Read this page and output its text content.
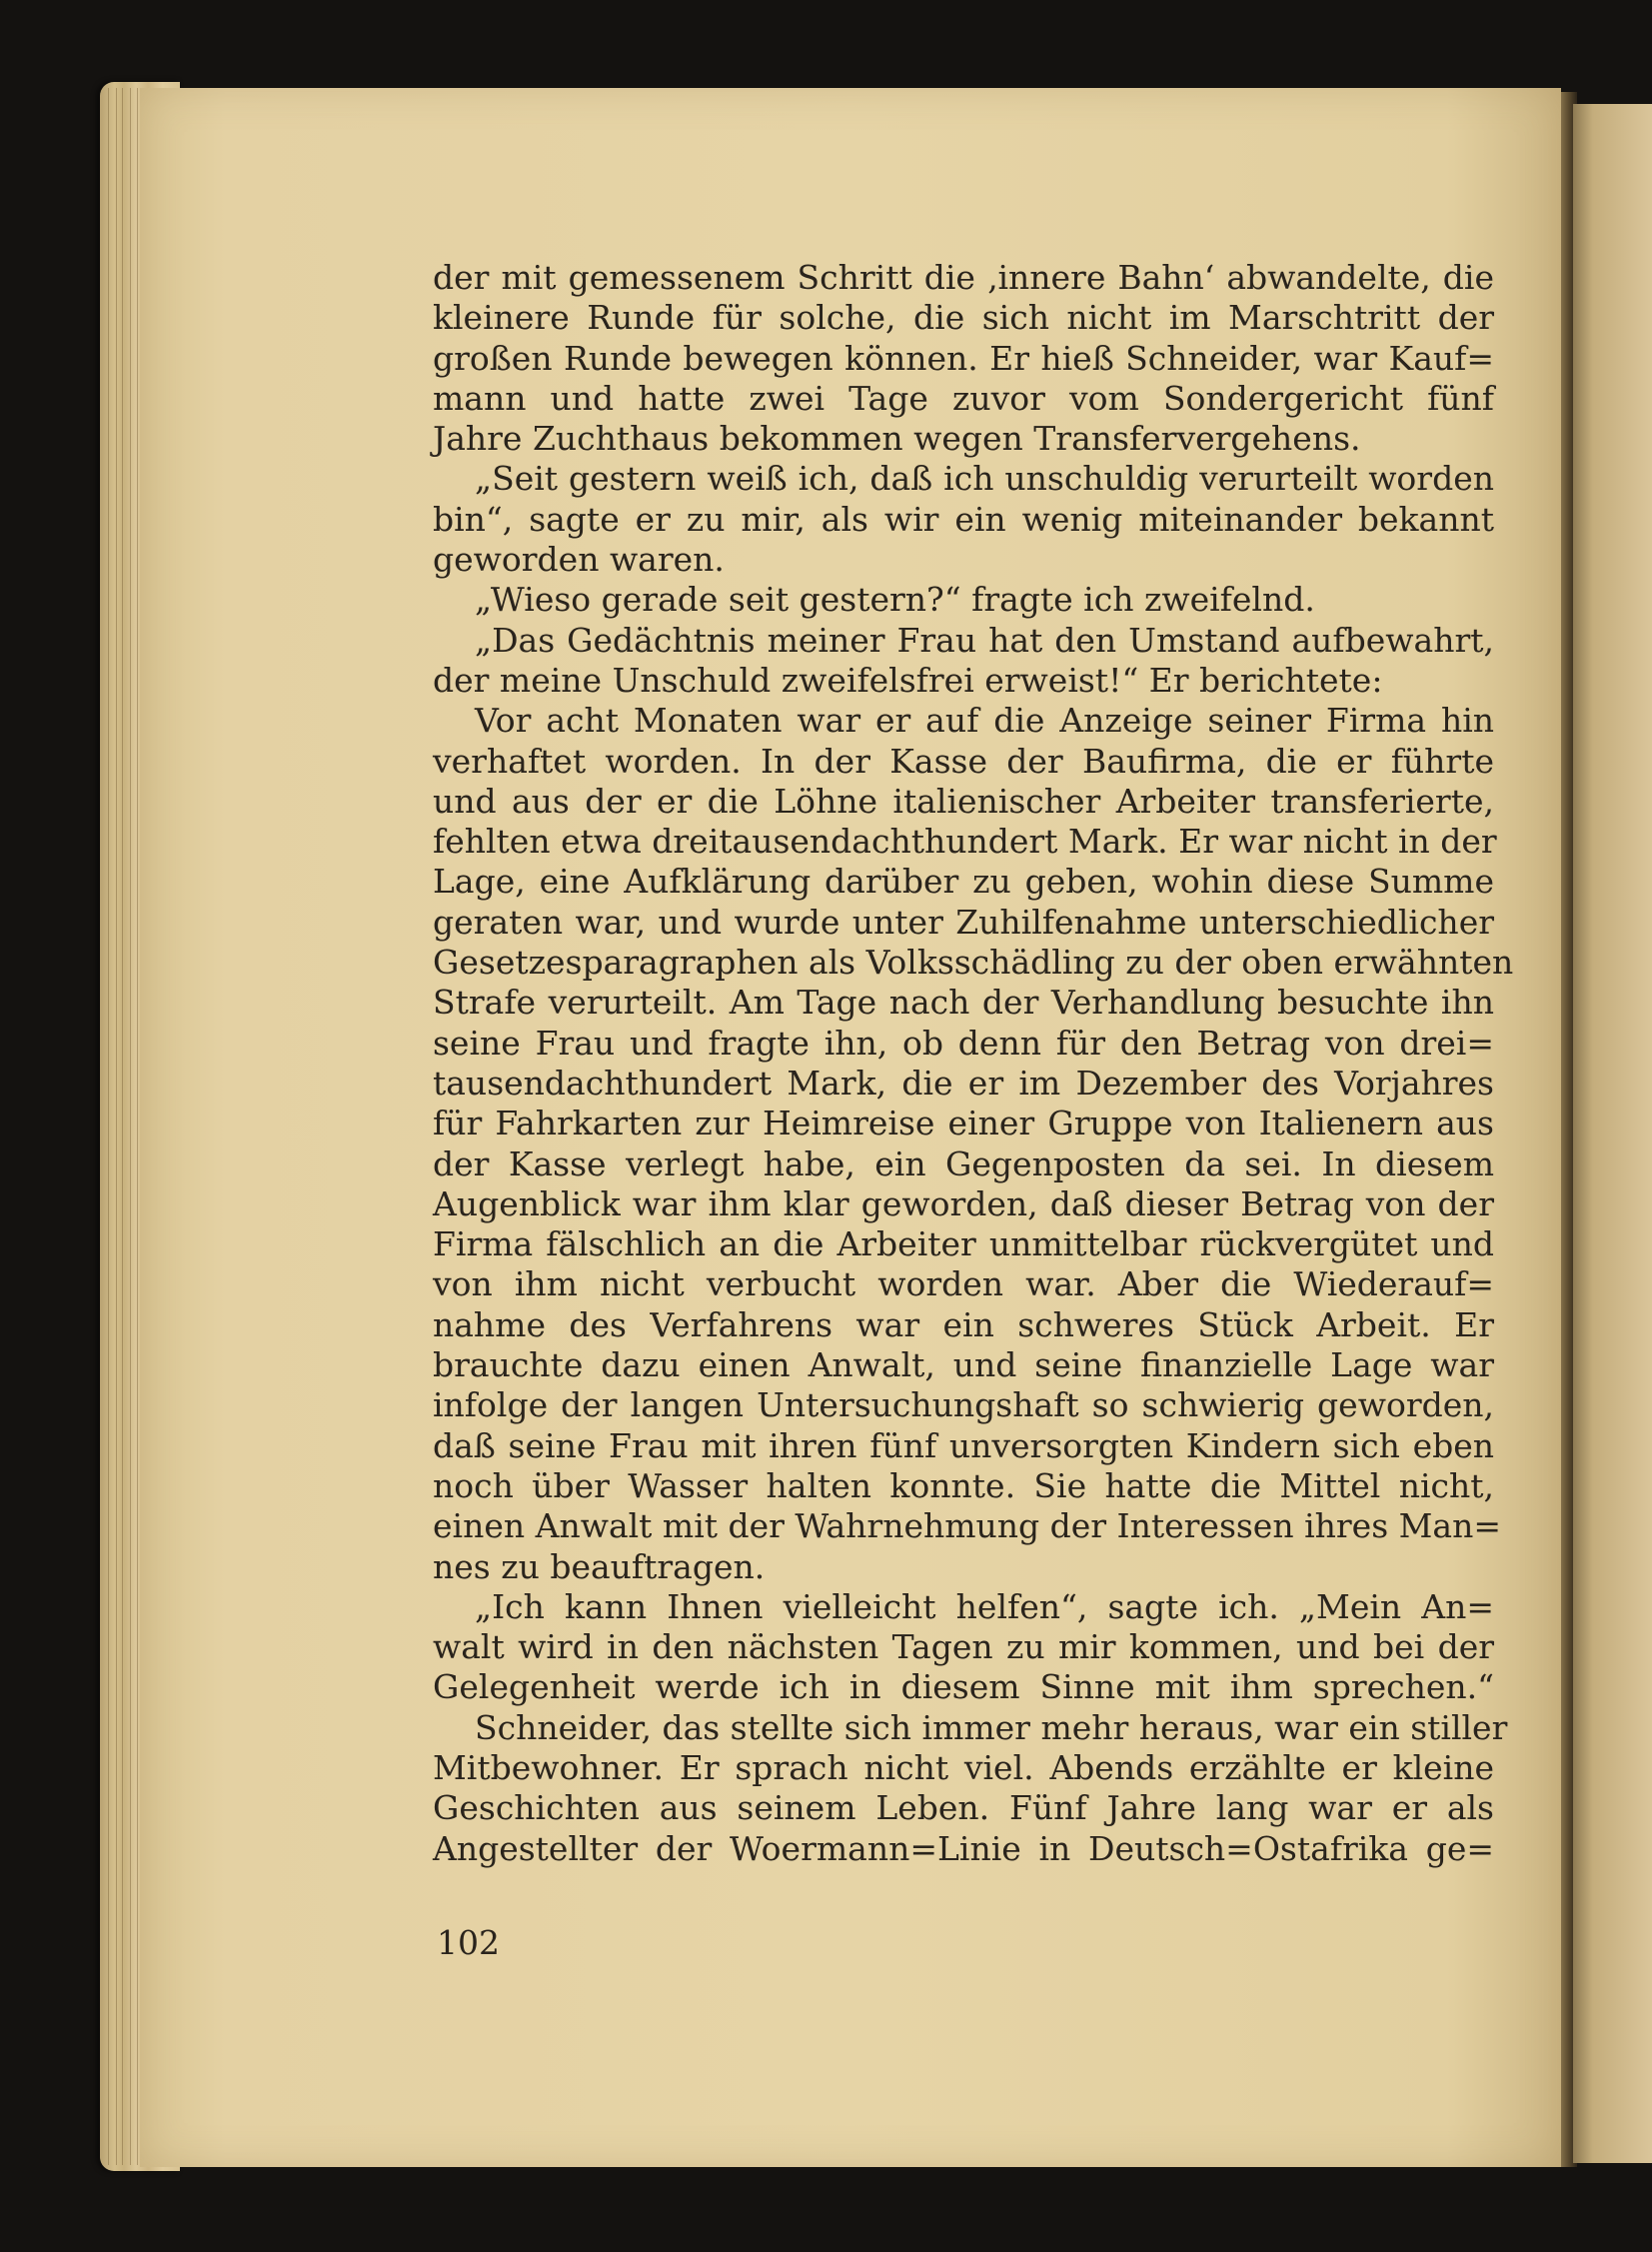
der mit gemessenem Schritt die ‚innere Bahn‘ abwandelte, die
kleinere Runde für solche, die sich nicht im Marschtritt der
großen Runde bewegen können. Er hieß Schneider, war Kauf=
mann und hatte zwei Tage zuvor vom Sondergericht fünf
Jahre Zuchthaus bekommen wegen Transfervergehens.
„Seit gestern weiß ich, daß ich unschuldig verurteilt worden
bin“, sagte er zu mir, als wir ein wenig miteinander bekannt
geworden waren.
„Wieso gerade seit gestern?“ fragte ich zweifelnd.
„Das Gedächtnis meiner Frau hat den Umstand aufbewahrt,
der meine Unschuld zweifelsfrei erweist!“ Er berichtete:
Vor acht Monaten war er auf die Anzeige seiner Firma hin
verhaftet worden. In der Kasse der Baufirma, die er führte
und aus der er die Löhne italienischer Arbeiter transferierte,
fehlten etwa dreitausendachthundert Mark. Er war nicht in der
Lage, eine Aufklärung darüber zu geben, wohin diese Summe
geraten war, und wurde unter Zuhilfenahme unterschiedlicher
Gesetzesparagraphen als Volksschädling zu der oben erwähnten
Strafe verurteilt. Am Tage nach der Verhandlung besuchte ihn
seine Frau und fragte ihn, ob denn für den Betrag von drei=
tausendachthundert Mark, die er im Dezember des Vorjahres
für Fahrkarten zur Heimreise einer Gruppe von Italienern aus
der Kasse verlegt habe, ein Gegenposten da sei. In diesem
Augenblick war ihm klar geworden, daß dieser Betrag von der
Firma fälschlich an die Arbeiter unmittelbar rückvergütet und
von ihm nicht verbucht worden war. Aber die Wiederauf=
nahme des Verfahrens war ein schweres Stück Arbeit. Er
brauchte dazu einen Anwalt, und seine finanzielle Lage war
infolge der langen Untersuchungshaft so schwierig geworden,
daß seine Frau mit ihren fünf unversorgten Kindern sich eben
noch über Wasser halten konnte. Sie hatte die Mittel nicht,
einen Anwalt mit der Wahrnehmung der Interessen ihres Man=
nes zu beauftragen.
„Ich kann Ihnen vielleicht helfen“, sagte ich. „Mein An=
walt wird in den nächsten Tagen zu mir kommen, und bei der
Gelegenheit werde ich in diesem Sinne mit ihm sprechen.“
Schneider, das stellte sich immer mehr heraus, war ein stiller
Mitbewohner. Er sprach nicht viel. Abends erzählte er kleine
Geschichten aus seinem Leben. Fünf Jahre lang war er als
Angestellter der Woermann=Linie in Deutsch=Ostafrika ge=
102
